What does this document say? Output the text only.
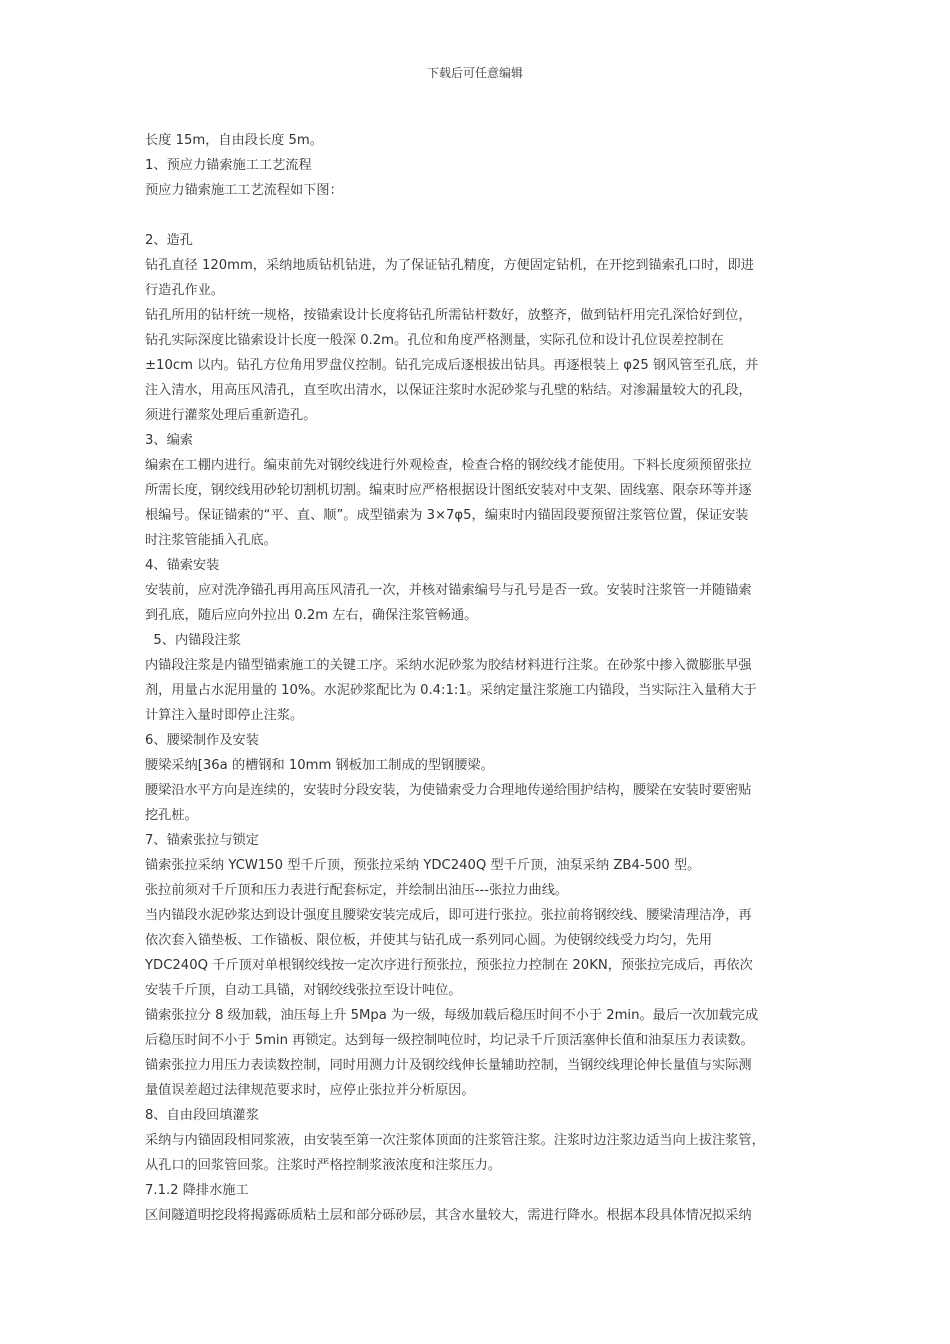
下载后可任意编辑
长度 15m，自由段长度 5m。
1、预应力锚索施工工艺流程
预应力锚索施工工艺流程如下图：
2、造孔
钻孔直径 120mm，采纳地质钻机钻进，为了保证钻孔精度，方便固定钻机，在开挖到锚索孔口时，即进
行造孔作业。
钻孔所用的钻杆统一规格，按锚索设计长度将钻孔所需钻杆数好，放整齐，做到钻杆用完孔深恰好到位，
钻孔实际深度比锚索设计长度一般深 0.2m。孔位和角度严格测量，实际孔位和设计孔位误差控制在
±10cm 以内。钻孔方位角用罗盘仪控制。钻孔完成后逐根拔出钻具。再逐根装上 φ25 钢风管至孔底，并
注入清水，用高压风清孔，直至吹出清水，以保证注浆时水泥砂浆与孔壁的粘结。对渗漏量较大的孔段，
须进行灌浆处理后重新造孔。
3、编索
编索在工棚内进行。编束前先对钢绞线进行外观检查，检查合格的钢绞线才能使用。下料长度须预留张拉
所需长度，钢绞线用砂轮切割机切割。编束时应严格根据设计图纸安装对中支架、固线塞、限奈环等并逐
根编号。保证锚索的“平、直、顺”。成型锚索为 3×7φ5，编束时内锚固段要预留注浆管位置，保证安装
时注浆管能插入孔底。
4、锚索安装
安装前，应对洗净锚孔再用高压风清孔一次，并核对锚索编号与孔号是否一致。安装时注浆管一并随锚索
到孔底，随后应向外拉出 0.2m 左右，确保注浆管畅通。
5、内锚段注浆
内锚段注浆是内锚型锚索施工的关键工序。采纳水泥砂浆为胶结材料进行注浆。在砂浆中掺入微膨胀早强
剂，用量占水泥用量的 10%。水泥砂浆配比为 0.4:1:1。采纳定量注浆施工内锚段，当实际注入量稍大于
计算注入量时即停止注浆。
6、腰梁制作及安装
腰梁采纳[36a 的槽钢和 10mm 钢板加工制成的型钢腰梁。
腰梁沿水平方向是连续的，安装时分段安装，为使锚索受力合理地传递给围护结构，腰梁在安装时要密贴
挖孔桩。
7、锚索张拉与锁定
锚索张拉采纳 YCW150 型千斤顶，预张拉采纳 YDC240Q 型千斤顶，油泵采纳 ZB4-500 型。
张拉前须对千斤顶和压力表进行配套标定，并绘制出油压---张拉力曲线。
当内锚段水泥砂浆达到设计强度且腰梁安装完成后，即可进行张拉。张拉前将钢绞线、腰梁清理洁净，再
依次套入锚垫板、工作锚板、限位板，并使其与钻孔成一系列同心圆。为使钢绞线受力均匀，先用
YDC240Q 千斤顶对单根钢绞线按一定次序进行预张拉，预张拉力控制在 20KN，预张拉完成后，再依次
安装千斤顶，自动工具锚，对钢绞线张拉至设计吨位。
锚索张拉分 8 级加载，油压每上升 5Mpa 为一级，每级加载后稳压时间不小于 2min。最后一次加载完成
后稳压时间不小于 5min 再锁定。达到每一级控制吨位时，均记录千斤顶活塞伸长值和油泵压力表读数。
锚索张拉力用压力表读数控制，同时用测力计及钢绞线伸长量辅助控制，当钢绞线理论伸长量值与实际测
量值误差超过法律规范要求时，应停止张拉并分析原因。
8、自由段回填灌浆
采纳与内锚固段相同浆液，由安装至第一次注浆体顶面的注浆管注浆。注浆时边注浆边适当向上拔注浆管，
从孔口的回浆管回浆。注浆时严格控制浆液浓度和注浆压力。
7.1.2 降排水施工
区间隧道明挖段将揭露砾质粘土层和部分砾砂层，其含水量较大，需进行降水。根据本段具体情况拟采纳
